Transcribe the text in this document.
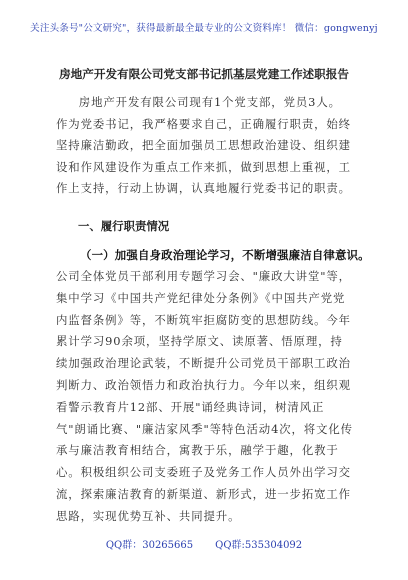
关注头条号"公文研究"，获得最新最全最专业的公文资料库！ 微信：gongwenyj
房地产开发有限公司党支部书记抓基层党建工作述职报告
房地产开发有限公司现有1个党支部，党员3人。作为党委书记，我严格要求自己，正确履行职责，始终坚持廉洁勤政，把全面加强员工思想政治建设、组织建设和作风建设作为重点工作来抓，做到思想上重视，工作上支持，行动上协调，认真地履行党委书记的职责。
一、履行职责情况
（一）加强自身政治理论学习，不断增强廉洁自律意识。
公司全体党员干部利用专题学习会、"廉政大讲堂"等，集中学习《中国共产党纪律处分条例》《中国共产党党内监督条例》等，不断筑牢拒腐防变的思想防线。今年累计学习90余项，坚持学原文、读原著、悟原理，持续加强政治理论武装，不断提升公司党员干部职工政治判断力、政治领悟力和政治执行力。今年以来，组织观看警示教育片12部、开展"诵经典诗词，树清风正气"朗诵比赛、"廉洁家风季"等特色活动4次，将文化传承与廉洁教育相结合，寓教于乐，融学于趣，化教于心。积极组织公司支委班子及党务工作人员外出学习交流，探索廉洁教育的新渠道、新形式，进一步拓宽工作思路，实现优势互补、共同提升。
QQ群：30265665 QQ群:535304092
